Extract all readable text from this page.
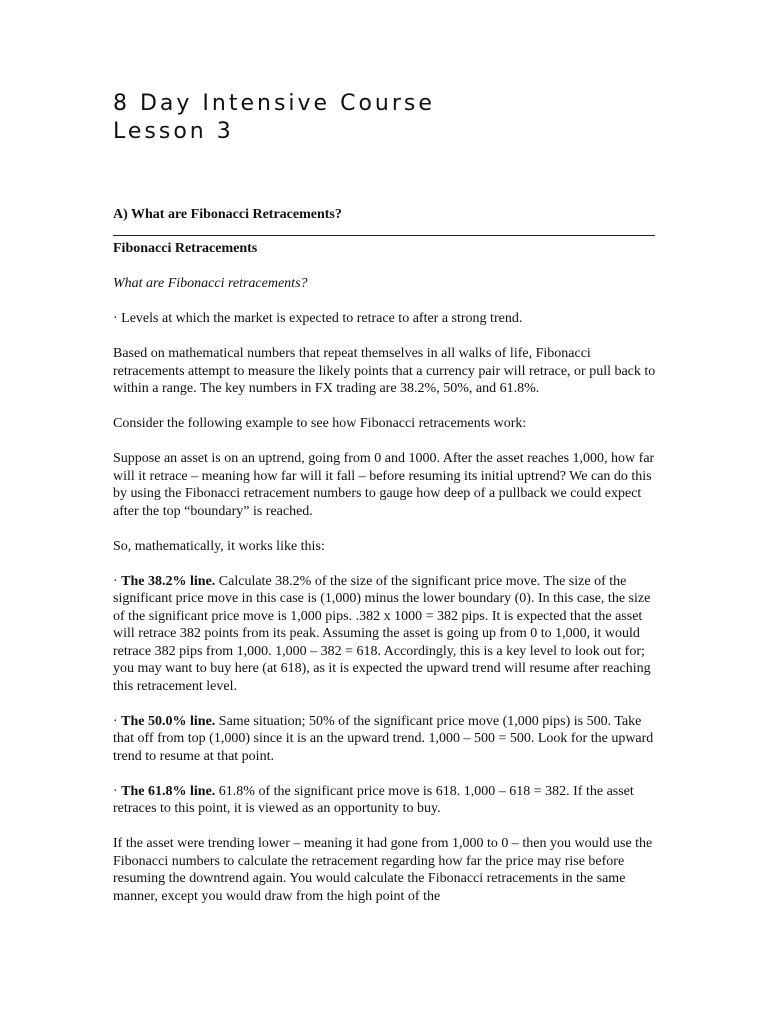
8 Day Intensive Course
Lesson 3
A) What are Fibonacci Retracements?

Fibonacci Retracements

What are Fibonacci retracements?

· Levels at which the market is expected to retrace to after a strong trend.

Based on mathematical numbers that repeat themselves in all walks of life, Fibonacci retracements attempt to measure the likely points that a currency pair will retrace, or pull back to within a range. The key numbers in FX trading are 38.2%, 50%, and 61.8%.

Consider the following example to see how Fibonacci retracements work:

Suppose an asset is on an uptrend, going from 0 and 1000. After the asset reaches 1,000, how far will it retrace – meaning how far will it fall – before resuming its initial uptrend? We can do this by using the Fibonacci retracement numbers to gauge how deep of a pullback we could expect after the top “boundary” is reached.

So, mathematically, it works like this:

· The 38.2% line. Calculate 38.2% of the size of the significant price move. The size of the significant price move in this case is (1,000) minus the lower boundary (0). In this case, the size of the significant price move is 1,000 pips. .382 x 1000 = 382 pips. It is expected that the asset will retrace 382 points from its peak. Assuming the asset is going up from 0 to 1,000, it would retrace 382 pips from 1,000. 1,000 – 382 = 618. Accordingly, this is a key level to look out for; you may want to buy here (at 618), as it is expected the upward trend will resume after reaching this retracement level.

· The 50.0% line. Same situation; 50% of the significant price move (1,000 pips) is 500. Take that off from top (1,000) since it is an the upward trend. 1,000 – 500 = 500. Look for the upward trend to resume at that point.

· The 61.8% line. 61.8% of the significant price move is 618. 1,000 – 618 = 382. If the asset retraces to this point, it is viewed as an opportunity to buy.

If the asset were trending lower – meaning it had gone from 1,000 to 0 – then you would use the Fibonacci numbers to calculate the retracement regarding how far the price may rise before resuming the downtrend again. You would calculate the Fibonacci retracements in the same manner, except you would draw from the high point of the
